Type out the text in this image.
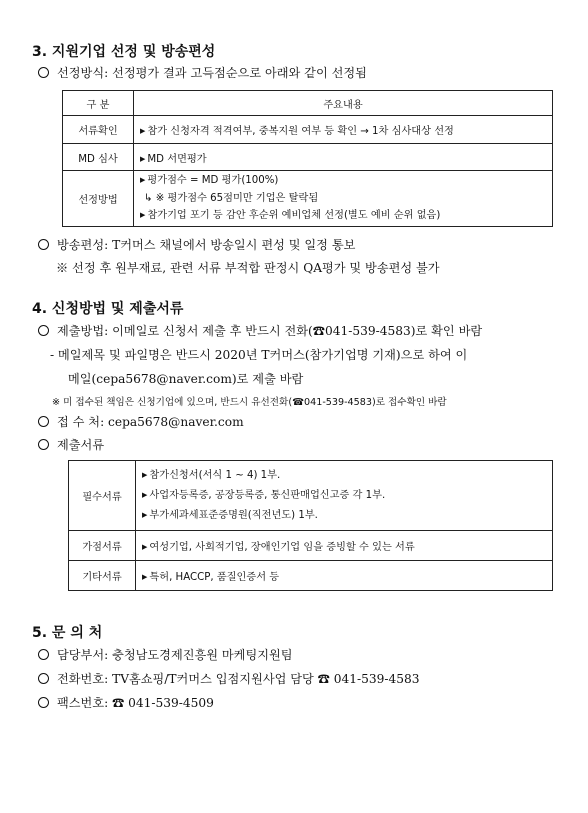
3. 지원기업 선정 및 방송편성
선정방식: 선정평가 결과 고득점순으로 아래와 같이 선정됨
구 분	주요내용
서류확인	▶ 참가 신청자격 적격여부, 중복지원 여부 등 확인 → 1차 심사대상 선정
MD 심사	▶ MD 서면평가
선정방법	▶ 평가점수 = MD 평가(100%)
↳ ※ 평가점수 65점미만 기업은 탈락됨
▶ 참가기업 포기 등 감안 후순위 예비업체 선정(별도 예비 순위 없음)
방송편성: T커머스 채널에서 방송일시 편성 및 일정 통보
※ 선정 후 원부재료, 관련 서류 부적합 판정시 QA평가 및 방송편성 불가
4. 신청방법 및 제출서류
제출방법: 이메일로 신청서 제출 후 반드시 전화(☎041-539-4583)로 확인 바람
- 메일제목 및 파일명은 반드시 2020년 T커머스(참가기업명 기재)으로 하여 이
메일(cepa5678@naver.com)로 제출 바람
※ 미 접수된 책임은 신청기업에 있으며, 반드시 유선전화(☎041-539-4583)로 접수확인 바람
접 수 처: cepa5678@naver.com
제출서류
필수서류	▶ 참가신청서(서식 1 ~ 4) 1부.
▶ 사업자등록증, 공장등록증, 통신판매업신고증 각 1부.
▶ 부가세과세표준증명원(직전년도) 1부.

가점서류	▶ 여성기업, 사회적기업, 장애인기업 임을 증빙할 수 있는 서류
기타서류	▶ 특허, HACCP, 품질인증서 등
5. 문 의 처
담당부서: 충청남도경제진흥원 마케팅지원팀
전화번호: TV홈쇼핑/T커머스 입점지원사업 담당 ☎ 041-539-4583
팩스번호: ☎ 041-539-4509
